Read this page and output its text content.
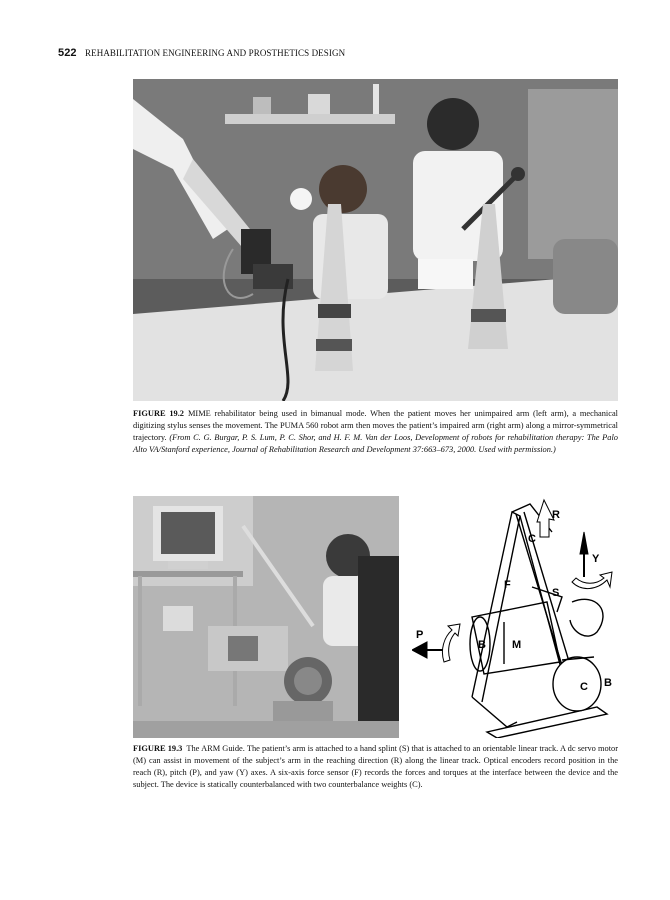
522 REHABILITATION ENGINEERING AND PROSTHETICS DESIGN
FIGURE 19.2 MIME rehabilitator being used in bimanual mode. When the patient moves her unimpaired arm (left arm), a mechanical digitizing stylus senses the movement. The PUMA 560 robot arm then moves the patient’s impaired arm (right arm) along a mirror-symmetrical trajectory. (From C. G. Burgar, P. S. Lum, P. C. Shor, and H. F. M. Van der Loos, Development of robots for rehabilitation therapy: The Palo Alto VA/Stanford experience, Journal of Rehabilitation Research and Development 37:663–673, 2000. Used with permission.)
R
C
Y
F
S
P
B M
C B
FIGURE 19.3 The ARM Guide. The patient’s arm is attached to a hand splint (S) that is attached to an orientable linear track. A dc servo motor (M) can assist in movement of the subject’s arm in the reaching direction (R) along the linear track. Optical encoders record position in the reach (R), pitch (P), and yaw (Y) axes. A six-axis force sensor (F) records the forces and torques at the interface between the device and the subject. The device is statically counterbalanced with two counterbalance weights (C).
